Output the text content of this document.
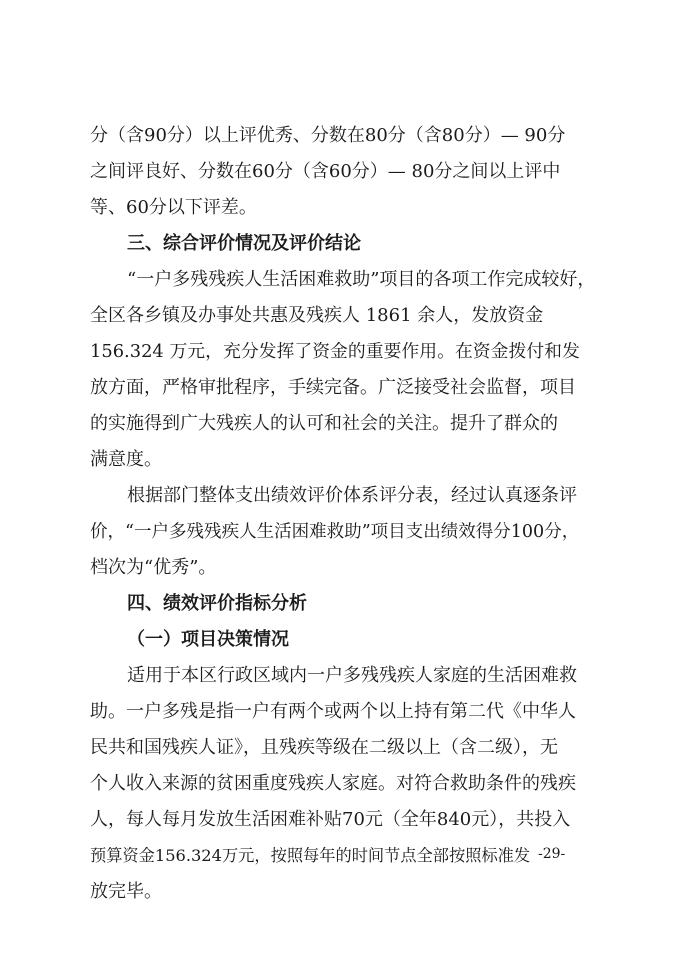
分（含90分）以上评优秀、分数在80分（含80分）— 90分
之间评良好、分数在60分（含60分）— 80分之间以上评中
等、60分以下评差。
三、综合评价情况及评价结论
“一户多残残疾人生活困难救助”项目的各项工作完成较好，
全区各乡镇及办事处共惠及残疾人 1861 余人，发放资金
156.324 万元，充分发挥了资金的重要作用。在资金拨付和发
放方面，严格审批程序，手续完备。广泛接受社会监督，项目
的实施得到广大残疾人的认可和社会的关注。提升了群众的
满意度。
根据部门整体支出绩效评价体系评分表，经过认真逐条评
价，“一户多残残疾人生活困难救助”项目支出绩效得分100分，
档次为“优秀”。
四、绩效评价指标分析
（一）项目决策情况
适用于本区行政区域内一户多残残疾人家庭的生活困难救
助。一户多残是指一户有两个或两个以上持有第二代《中华人
民共和国残疾人证》，且残疾等级在二级以上（含二级），无
个人收入来源的贫困重度残疾人家庭。对符合救助条件的残疾
人，每人每月发放生活困难补贴70元（全年840元），共投入
预算资金156.324万元，按照每年的时间节点全部按照标准发
放完毕。
-29-
